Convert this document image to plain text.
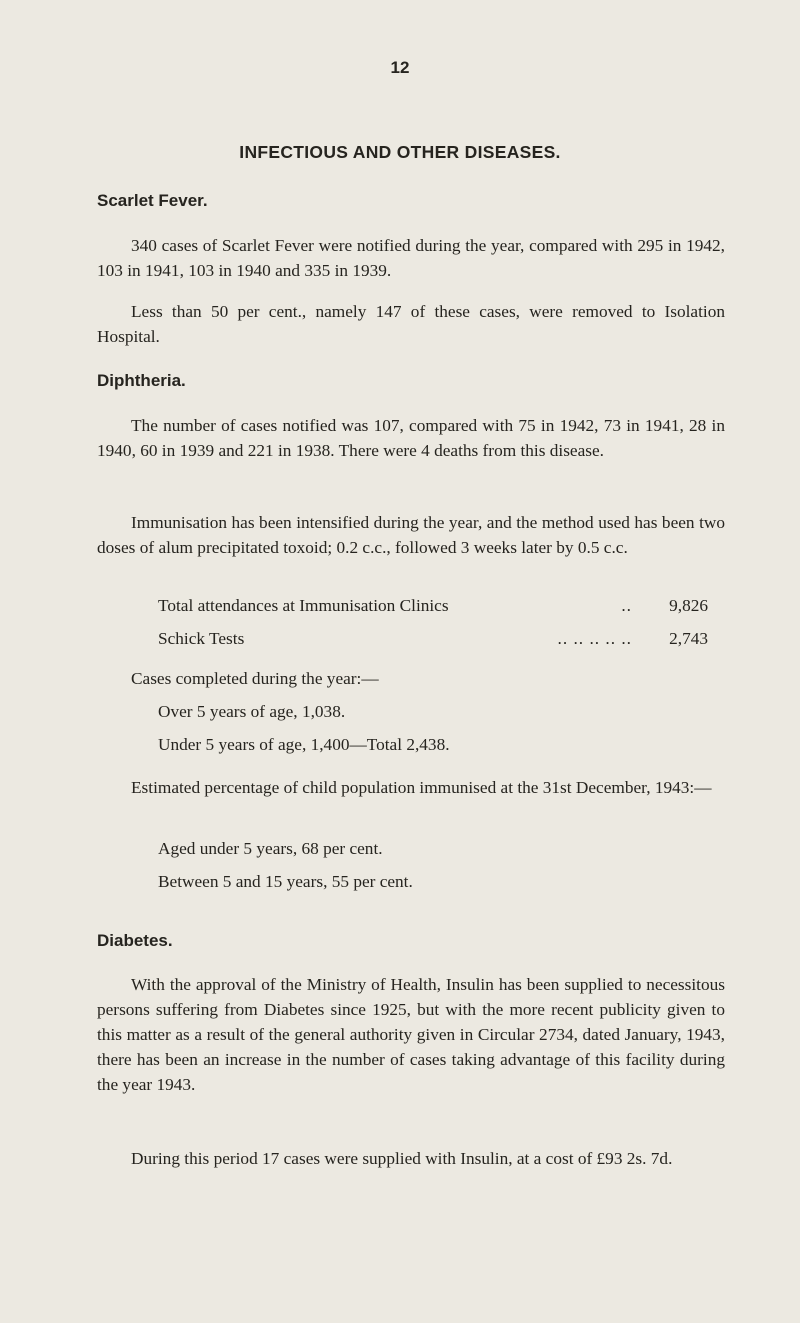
12
INFECTIOUS AND OTHER DISEASES.
Scarlet Fever.

340 cases of Scarlet Fever were notified during the year, compared with 295 in 1942, 103 in 1941, 103 in 1940 and 335 in 1939.

Less than 50 per cent., namely 147 of these cases, were removed to Isolation Hospital.

Diphtheria.

The number of cases notified was 107, compared with 75 in 1942, 73 in 1941, 28 in 1940, 60 in 1939 and 221 in 1938. There were 4 deaths from this disease.

Immunisation has been intensified during the year, and the method used has been two doses of alum precipitated toxoid; 0.2 c.c., followed 3 weeks later by 0.5 c.c.

Total attendances at Immunisation Clinics	..	9,826
Schick Tests	.. .. .. .. ..	2,743
Cases completed during the year:—
Over 5 years of age, 1,038.
Under 5 years of age, 1,400—Total 2,438.

Estimated percentage of child population immunised at the 31st December, 1943:—

Aged under 5 years, 68 per cent.
Between 5 and 15 years, 55 per cent.
Diabetes.

With the approval of the Ministry of Health, Insulin has been supplied to necessitous persons suffering from Diabetes since 1925, but with the more recent publicity given to this matter as a result of the general authority given in Circular 2734, dated January, 1943, there has been an increase in the number of cases taking advantage of this facility during the year 1943.

During this period 17 cases were supplied with Insulin, at a cost of £93 2s. 7d.
